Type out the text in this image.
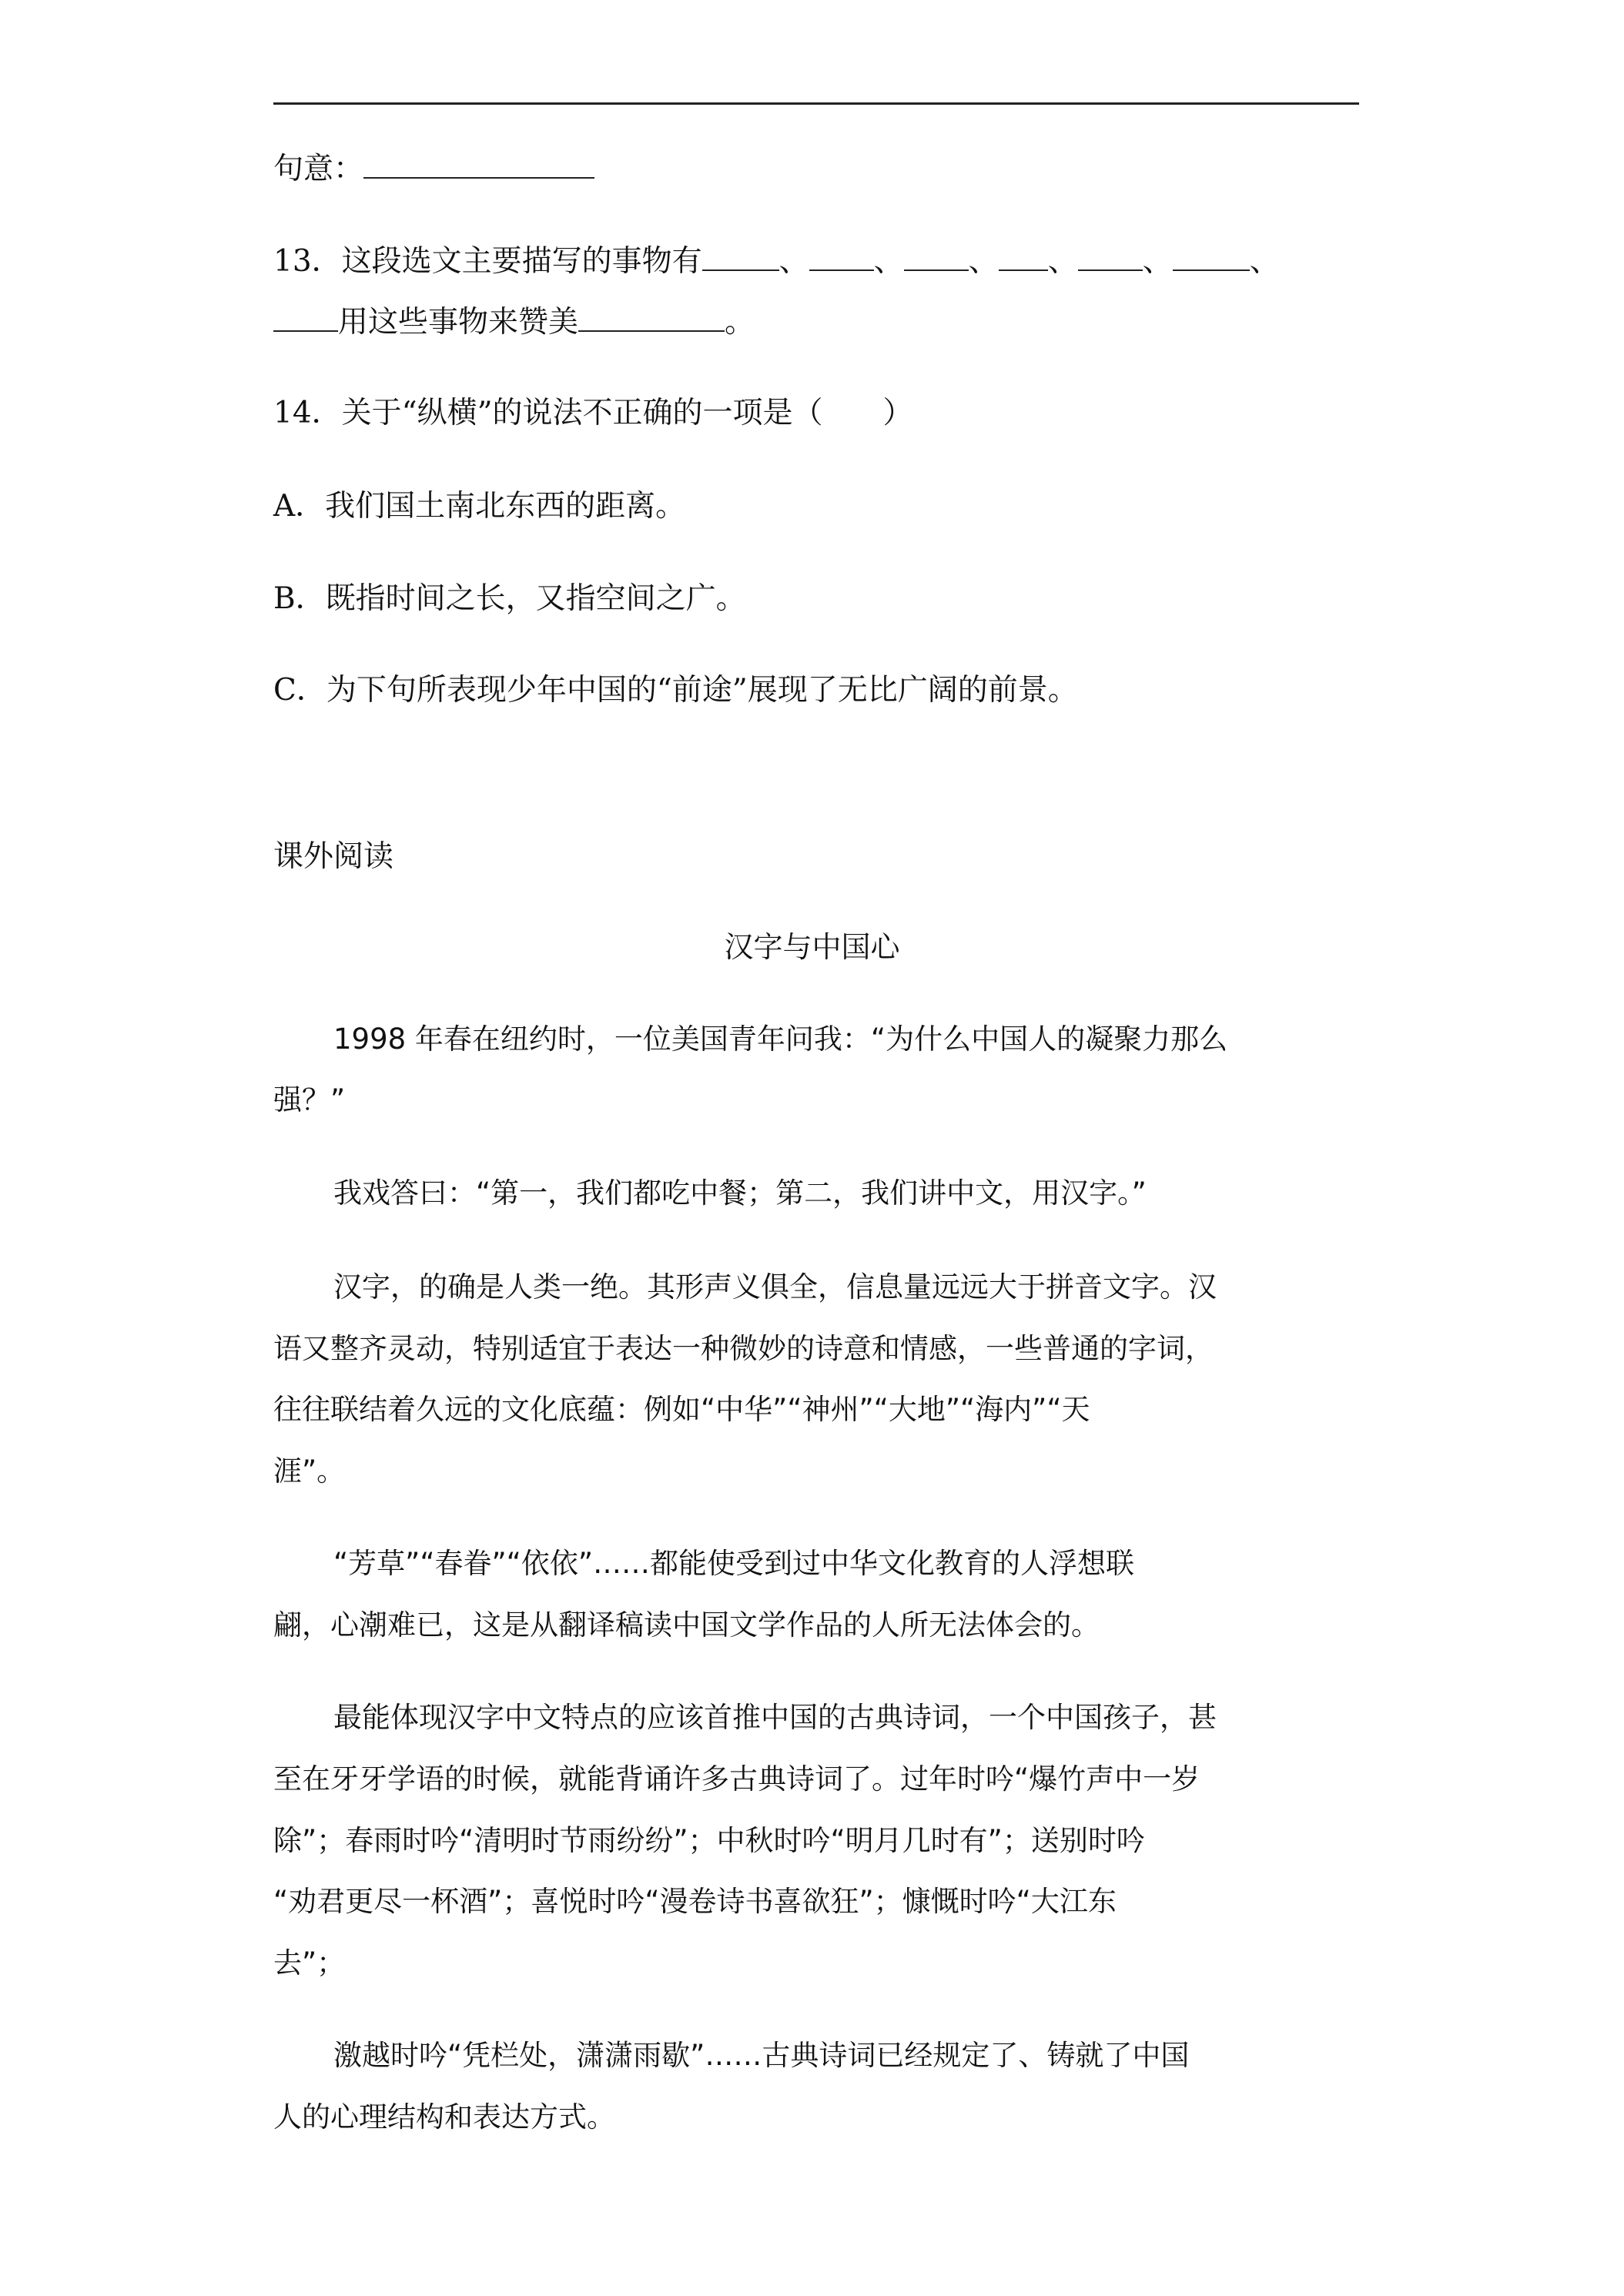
句意：
13．这段选文主要描写的事物有	、 、 、 、 、	、
用这些事物来赞美	。
14．关于“纵横”的说法不正确的一项是（　　）
A．我们国土南北东西的距离。
B．既指时间之长，又指空间之广。
C．为下句所表现少年中国的“前途”展现了无比广阔的前景。
课外阅读
汉字与中国心
1998 年春在纽约时，一位美国青年问我：“为什么中国人的凝聚力那么
强？”
我戏答曰：“第一，我们都吃中餐；第二，我们讲中文，用汉字。”
汉字，的确是人类一绝。其形声义俱全，信息量远远大于拼音文字。汉
语又整齐灵动，特别适宜于表达一种微妙的诗意和情感，一些普通的字词，
往往联结着久远的文化底蕴：例如“中华”“神州”“大地”“海内”“天
涯”。
“芳草”“春眷”“依依”……都能使受到过中华文化教育的人浮想联
翩，心潮难已，这是从翻译稿读中国文学作品的人所无法体会的。
最能体现汉字中文特点的应该首推中国的古典诗词，一个中国孩子，甚
至在牙牙学语的时候，就能背诵许多古典诗词了。过年时吟“爆竹声中一岁
除”；春雨时吟“清明时节雨纷纷”；中秋时吟“明月几时有”；送别时吟
“劝君更尽一杯酒”；喜悦时吟“漫卷诗书喜欲狂”；慷慨时吟“大江东
去”；
激越时吟“凭栏处，潇潇雨歇”……古典诗词已经规定了、铸就了中国
人的心理结构和表达方式。
